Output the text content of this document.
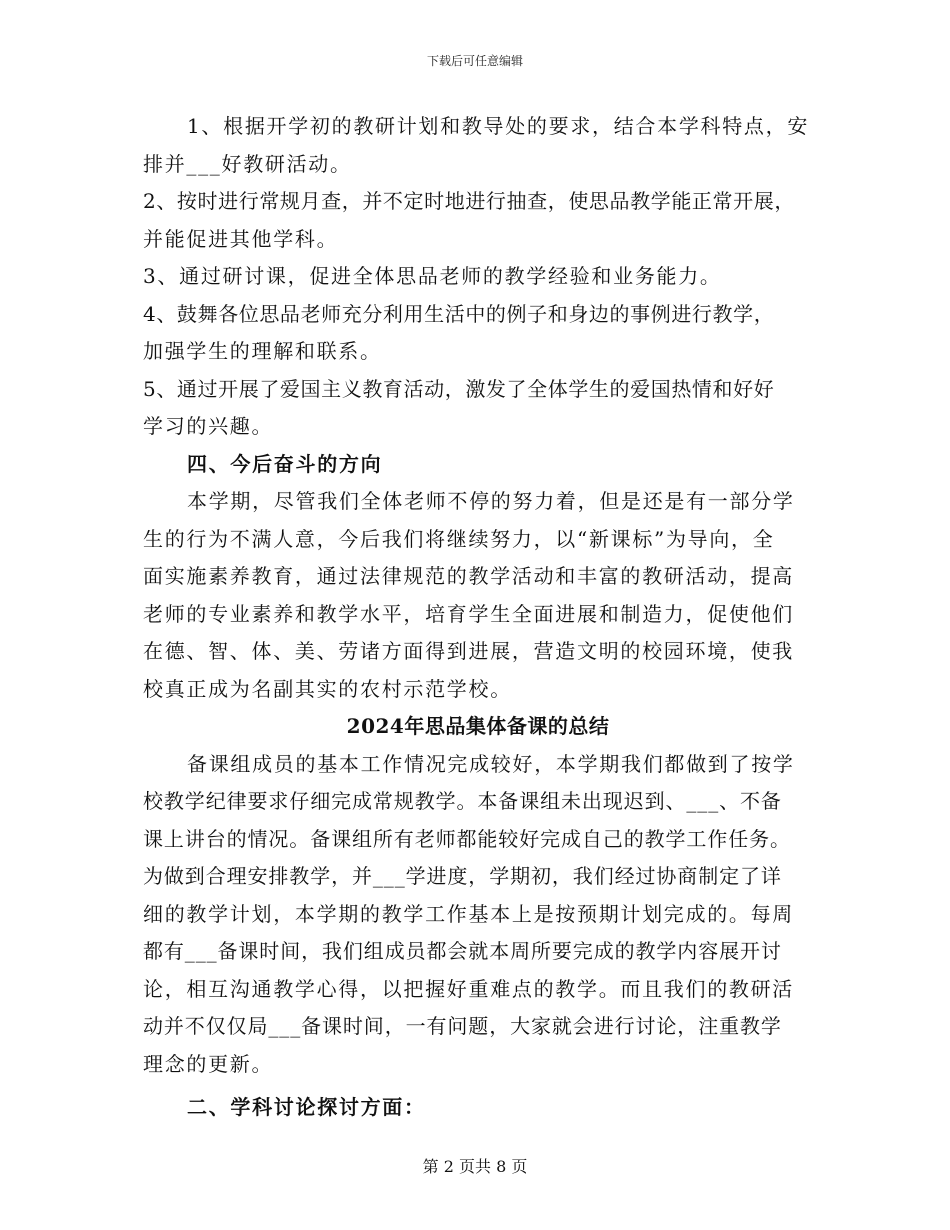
下载后可任意编辑
1、根据开学初的教研计划和教导处的要求，结合本学科特点，安
排并___好教研活动。
2、按时进行常规月查，并不定时地进行抽查，使思品教学能正常开展，
并能促进其他学科。
3、通过研讨课，促进全体思品老师的教学经验和业务能力。
4、鼓舞各位思品老师充分利用生活中的例子和身边的事例进行教学，
加强学生的理解和联系。
5、通过开展了爱国主义教育活动，激发了全体学生的爱国热情和好好
学习的兴趣。
四、今后奋斗的方向
本学期，尽管我们全体老师不停的努力着，但是还是有一部分学
生的行为不满人意，今后我们将继续努力，以“新课标”为导向，全
面实施素养教育，通过法律规范的教学活动和丰富的教研活动，提高
老师的专业素养和教学水平，培育学生全面进展和制造力，促使他们
在德、智、体、美、劳诸方面得到进展，营造文明的校园环境，使我
校真正成为名副其实的农村示范学校。
2024年思品集体备课的总结
备课组成员的基本工作情况完成较好，本学期我们都做到了按学
校教学纪律要求仔细完成常规教学。本备课组未出现迟到、___、不备
课上讲台的情况。备课组所有老师都能较好完成自己的教学工作任务。
为做到合理安排教学，并___学进度，学期初，我们经过协商制定了详
细的教学计划，本学期的教学工作基本上是按预期计划完成的。每周
都有___备课时间，我们组成员都会就本周所要完成的教学内容展开讨
论，相互沟通教学心得，以把握好重难点的教学。而且我们的教研活
动并不仅仅局___备课时间，一有问题，大家就会进行讨论，注重教学
理念的更新。
二、学科讨论探讨方面：
第 2 页共 8 页
